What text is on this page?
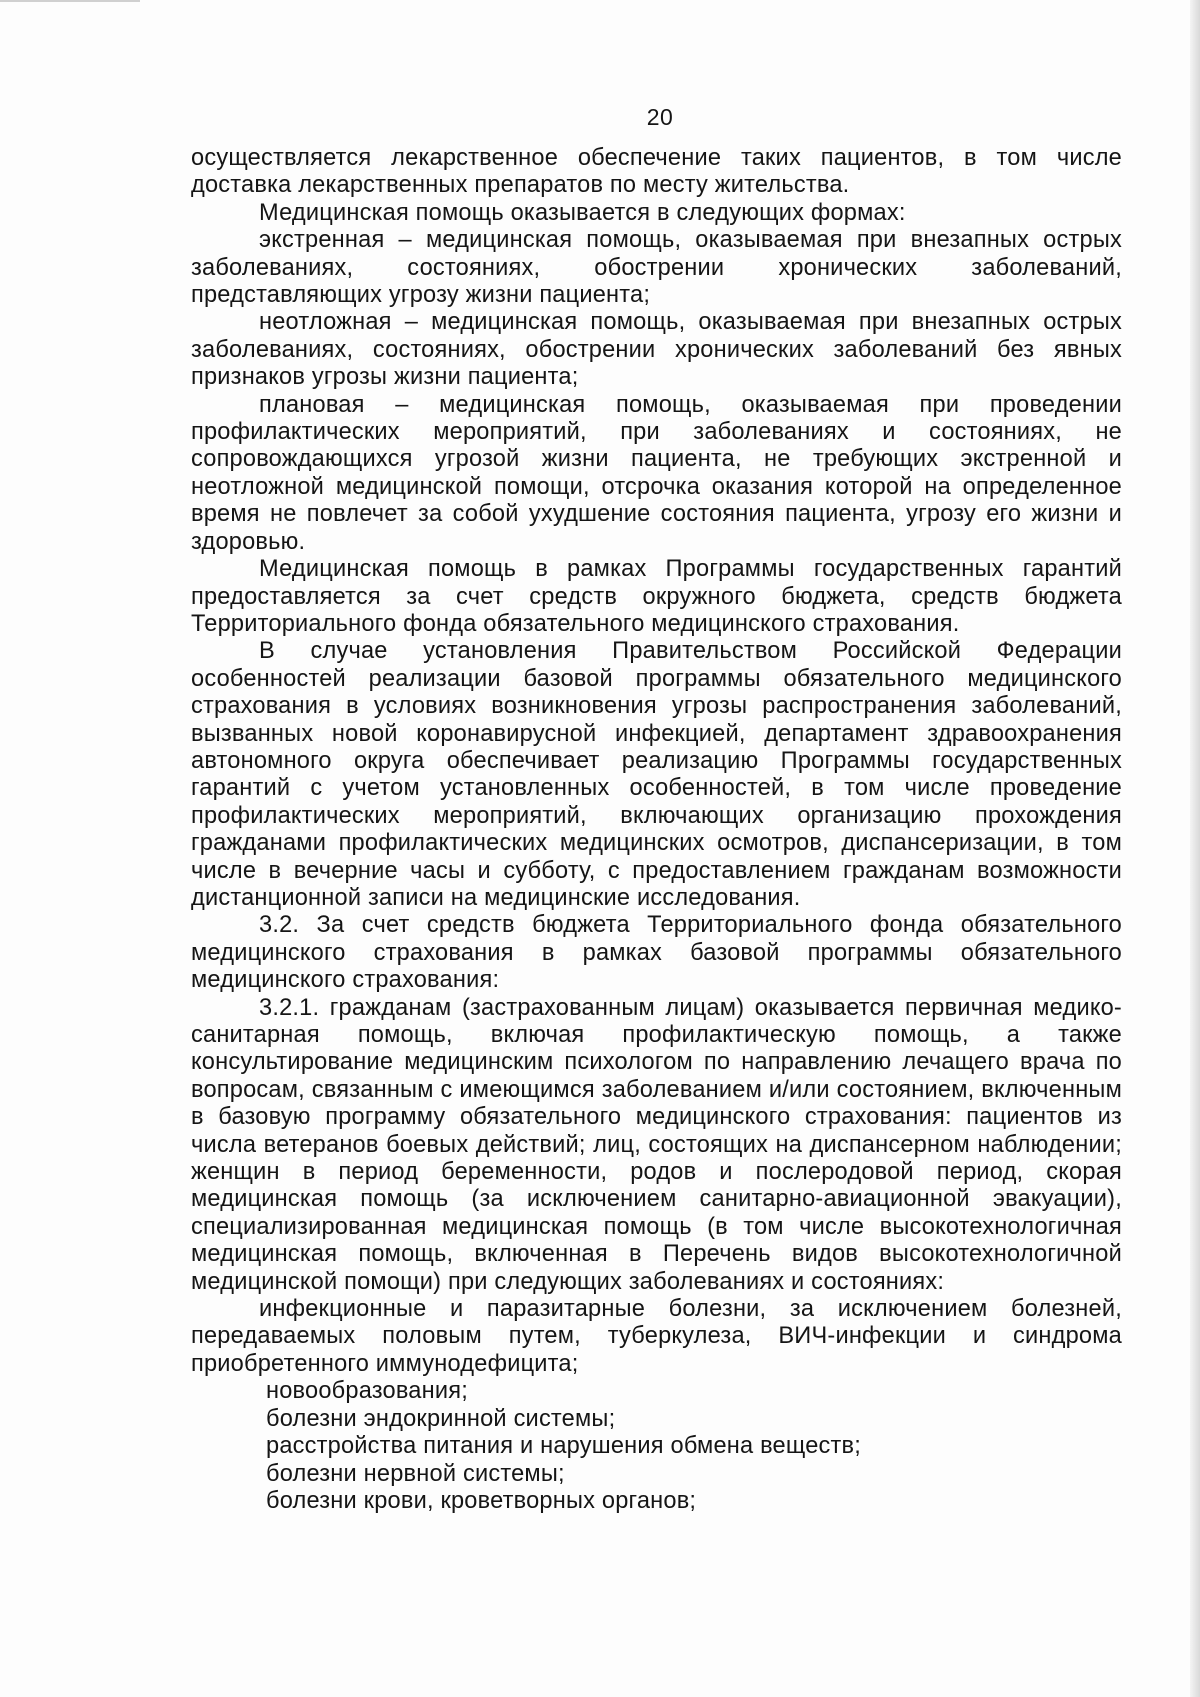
20

осуществляется лекарственное обеспечение таких пациентов, в том числе доставка лекарственных препаратов по месту жительства.

Медицинская помощь оказывается в следующих формах:

экстренная – медицинская помощь, оказываемая при внезапных острых заболеваниях, состояниях, обострении хронических заболеваний, представляющих угрозу жизни пациента;

неотложная – медицинская помощь, оказываемая при внезапных острых заболеваниях, состояниях, обострении хронических заболеваний без явных признаков угрозы жизни пациента;

плановая – медицинская помощь, оказываемая при проведении профилактических мероприятий, при заболеваниях и состояниях, не сопровождающихся угрозой жизни пациента, не требующих экстренной и неотложной медицинской помощи, отсрочка оказания которой на определенное время не повлечет за собой ухудшение состояния пациента, угрозу его жизни и здоровью.

Медицинская помощь в рамках Программы государственных гарантий предоставляется за счет средств окружного бюджета, средств бюджета Территориального фонда обязательного медицинского страхования.

В случае установления Правительством Российской Федерации особенностей реализации базовой программы обязательного медицинского страхования в условиях возникновения угрозы распространения заболеваний, вызванных новой коронавирусной инфекцией, департамент здравоохранения автономного округа обеспечивает реализацию Программы государственных гарантий с учетом установленных особенностей, в том числе проведение профилактических мероприятий, включающих организацию прохождения гражданами профилактических медицинских осмотров, диспансеризации, в том числе в вечерние часы и субботу, с предоставлением гражданам возможности дистанционной записи на медицинские исследования.

3.2. За счет средств бюджета Территориального фонда обязательного медицинского страхования в рамках базовой программы обязательного медицинского страхования:

3.2.1. гражданам (застрахованным лицам) оказывается первичная медико-санитарная помощь, включая профилактическую помощь, а также консультирование медицинским психологом по направлению лечащего врача по вопросам, связанным с имеющимся заболеванием и/или состоянием, включенным в базовую программу обязательного медицинского страхования: пациентов из числа ветеранов боевых действий; лиц, состоящих на диспансерном наблюдении; женщин в период беременности, родов и послеродовой период, скорая медицинская помощь (за исключением санитарно-авиационной эвакуации), специализированная медицинская помощь (в том числе высокотехнологичная медицинская помощь, включенная в Перечень видов высокотехнологичной медицинской помощи) при следующих заболеваниях и состояниях:

инфекционные и паразитарные болезни, за исключением болезней, передаваемых половым путем, туберкулеза, ВИЧ-инфекции и синдрома приобретенного иммунодефицита;

новообразования;

болезни эндокринной системы;

расстройства питания и нарушения обмена веществ;

болезни нервной системы;

болезни крови, кроветворных органов;
